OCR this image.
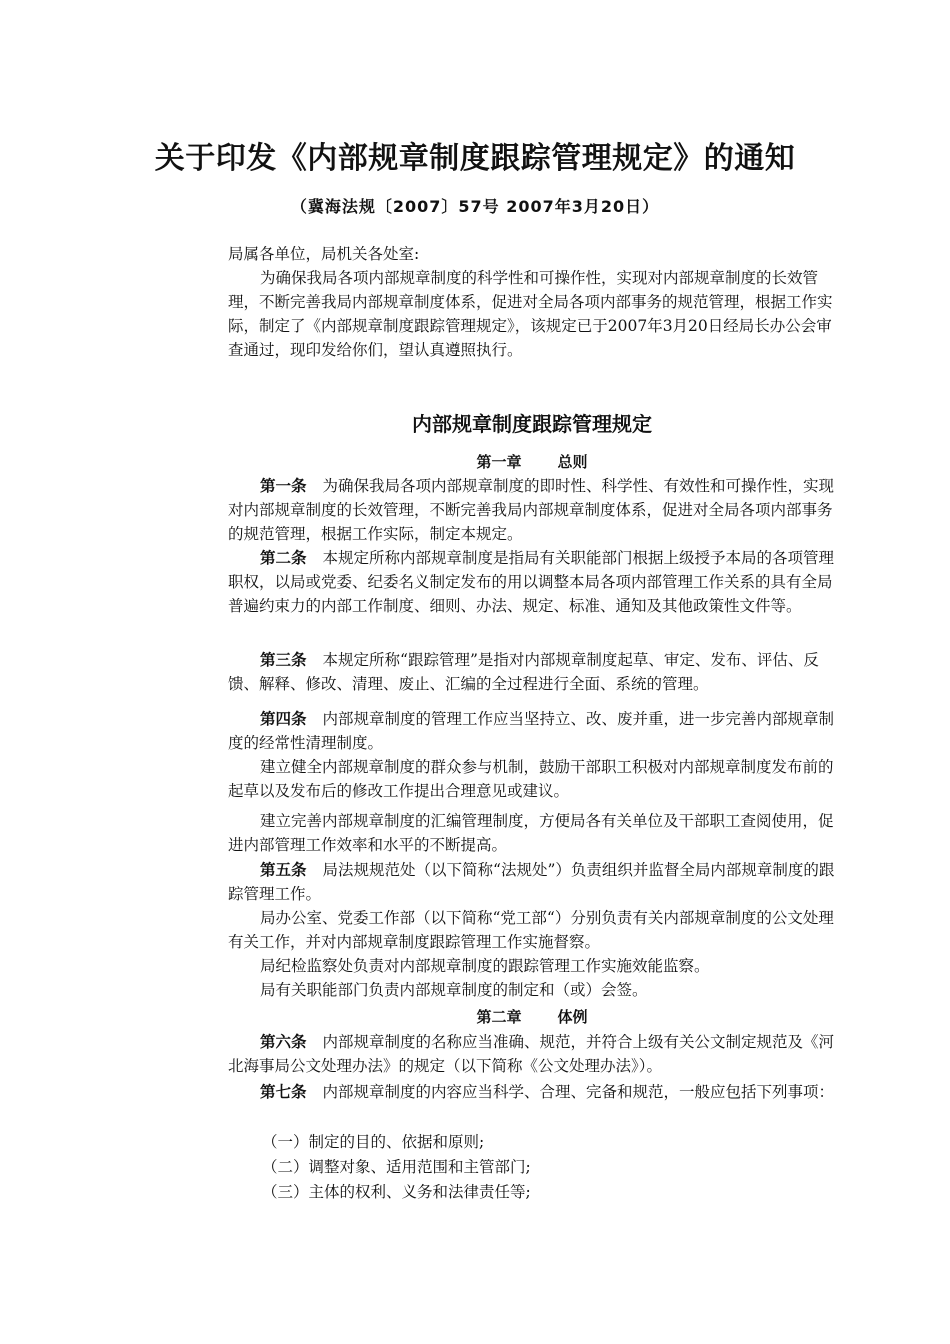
关于印发《内部规章制度跟踪管理规定》的通知
（冀海法规〔2007〕57号 2007年3月20日）
局属各单位，局机关各处室:

为确保我局各项内部规章制度的科学性和可操作性，实现对内部规章制度的长效管理，不断完善我局内部规章制度体系，促进对全局各项内部事务的规范管理，根据工作实际，制定了《内部规章制度跟踪管理规定》，该规定已于2007年3月20日经局长办公会审查通过，现印发给你们，望认真遵照执行。

内部规章制度跟踪管理规定
第一章 总则

第一条 为确保我局各项内部规章制度的即时性、科学性、有效性和可操作性，实现对内部规章制度的长效管理，不断完善我局内部规章制度体系，促进对全局各项内部事务的规范管理，根据工作实际，制定本规定。

第二条 本规定所称内部规章制度是指局有关职能部门根据上级授予本局的各项管理职权，以局或党委、纪委名义制定发布的用以调整本局各项内部管理工作关系的具有全局普遍约束力的内部工作制度、细则、办法、规定、标准、通知及其他政策性文件等。

第三条 本规定所称“跟踪管理”是指对内部规章制度起草、审定、发布、评估、反馈、解释、修改、清理、废止、汇编的全过程进行全面、系统的管理。

第四条 内部规章制度的管理工作应当坚持立、改、废并重，进一步完善内部规章制度的经常性清理制度。

建立健全内部规章制度的群众参与机制，鼓励干部职工积极对内部规章制度发布前的起草以及发布后的修改工作提出合理意见或建议。

建立完善内部规章制度的汇编管理制度，方便局各有关单位及干部职工查阅使用，促进内部管理工作效率和水平的不断提高。

第五条 局法规规范处（以下简称“法规处”）负责组织并监督全局内部规章制度的跟踪管理工作。

局办公室、党委工作部（以下简称“党工部“）分别负责有关内部规章制度的公文处理有关工作，并对内部规章制度跟踪管理工作实施督察。

局纪检监察处负责对内部规章制度的跟踪管理工作实施效能监察。

局有关职能部门负责内部规章制度的制定和（或）会签。

第二章 体例

第六条 内部规章制度的名称应当准确、规范，并符合上级有关公文制定规范及《河北海事局公文处理办法》的规定（以下简称《公文处理办法》）。

第七条 内部规章制度的内容应当科学、合理、完备和规范，一般应包括下列事项：

（一）制定的目的、依据和原则;
（二）调整对象、适用范围和主管部门;
（三）主体的权利、义务和法律责任等;
